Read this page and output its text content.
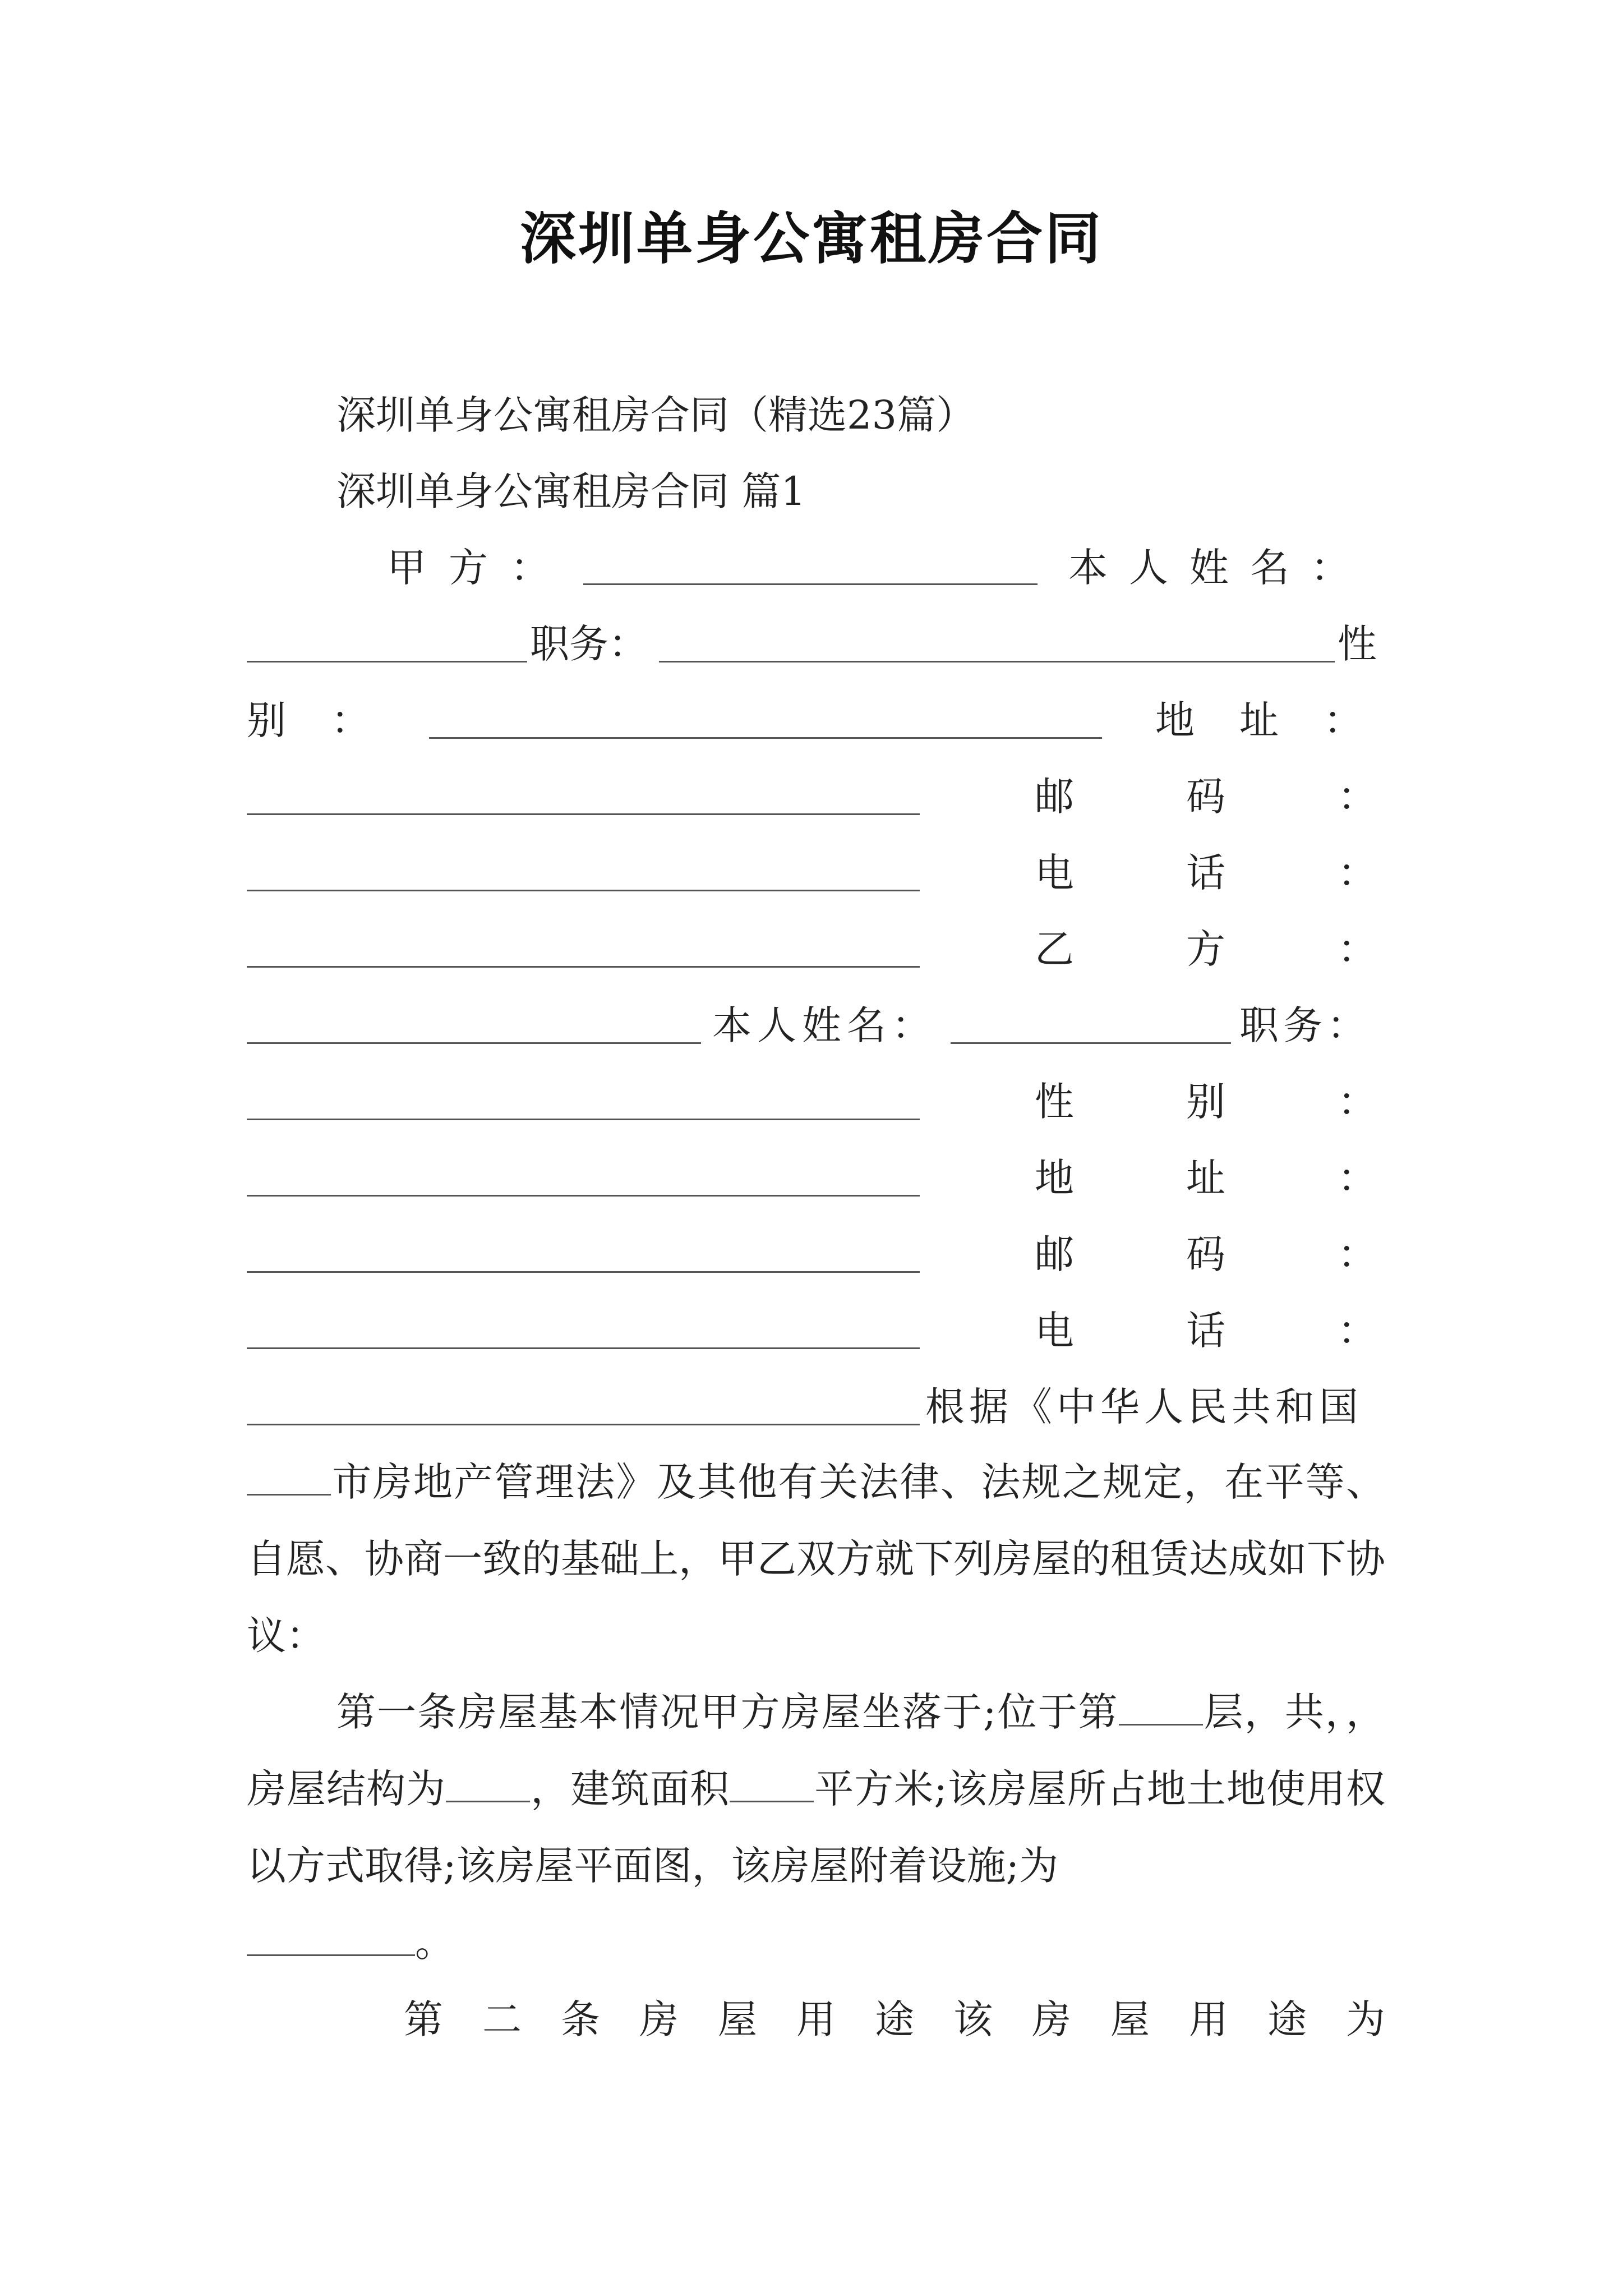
深圳单身公寓租房合同
深圳单身公寓租房合同（精选23篇）
深圳单身公寓租房合同 篇1
甲方：	本人姓名：
职务：	性
别：	地址：
邮码：
电话：
乙方：
本人姓名：	职务：
性别：
地址：
邮码：
电话：
根据《中华人民共和国
市房地产管理法》及其他有关法律、法规之规定，在平等、自愿、协商一致的基础上，甲乙双方就下列房屋的租赁达成如下协议：
第一条房屋基本情况甲方房屋坐落于;位于第 层，共，，房屋结构为 ，建筑面积 平方米;该房屋所占地土地使用权以方式取得;该房屋平面图，该房屋附着设施;为
。
第二条房屋用途该房屋用途为
